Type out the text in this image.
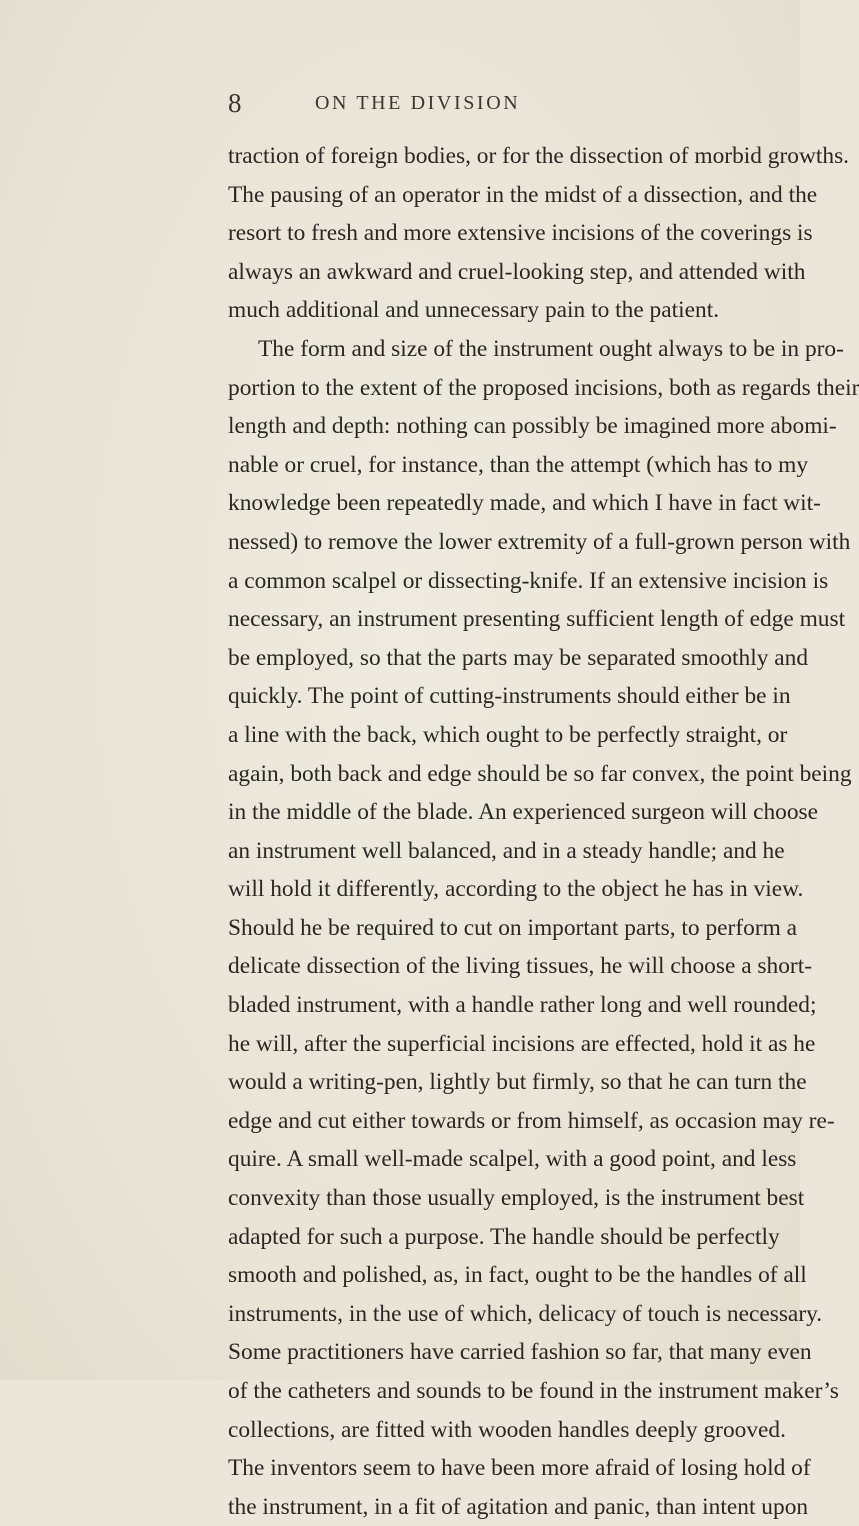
8	ON THE DIVISION
traction of foreign bodies, or for the dissection of morbid growths.
The pausing of an operator in the midst of a dissection, and the
resort to fresh and more extensive incisions of the coverings is
always an awkward and cruel-looking step, and attended with
much additional and unnecessary pain to the patient.
The form and size of the instrument ought always to be in pro-
portion to the extent of the proposed incisions, both as regards their
length and depth: nothing can possibly be imagined more abomi-
nable or cruel, for instance, than the attempt (which has to my
knowledge been repeatedly made, and which I have in fact wit-
nessed) to remove the lower extremity of a full-grown person with
a common scalpel or dissecting-knife. If an extensive incision is
necessary, an instrument presenting sufficient length of edge must
be employed, so that the parts may be separated smoothly and
quickly. The point of cutting-instruments should either be in
a line with the back, which ought to be perfectly straight, or
again, both back and edge should be so far convex, the point being
in the middle of the blade. An experienced surgeon will choose
an instrument well balanced, and in a steady handle; and he
will hold it differently, according to the object he has in view.
Should he be required to cut on important parts, to perform a
delicate dissection of the living tissues, he will choose a short-
bladed instrument, with a handle rather long and well rounded;
he will, after the superficial incisions are effected, hold it as he
would a writing-pen, lightly but firmly, so that he can turn the
edge and cut either towards or from himself, as occasion may re-
quire. A small well-made scalpel, with a good point, and less
convexity than those usually employed, is the instrument best
adapted for such a purpose. The handle should be perfectly
smooth and polished, as, in fact, ought to be the handles of all
instruments, in the use of which, delicacy of touch is necessary.
Some practitioners have carried fashion so far, that many even
of the catheters and sounds to be found in the instrument maker’s
collections, are fitted with wooden handles deeply grooved.
The inventors seem to have been more afraid of losing hold of
the instrument, in a fit of agitation and panic, than intent upon
